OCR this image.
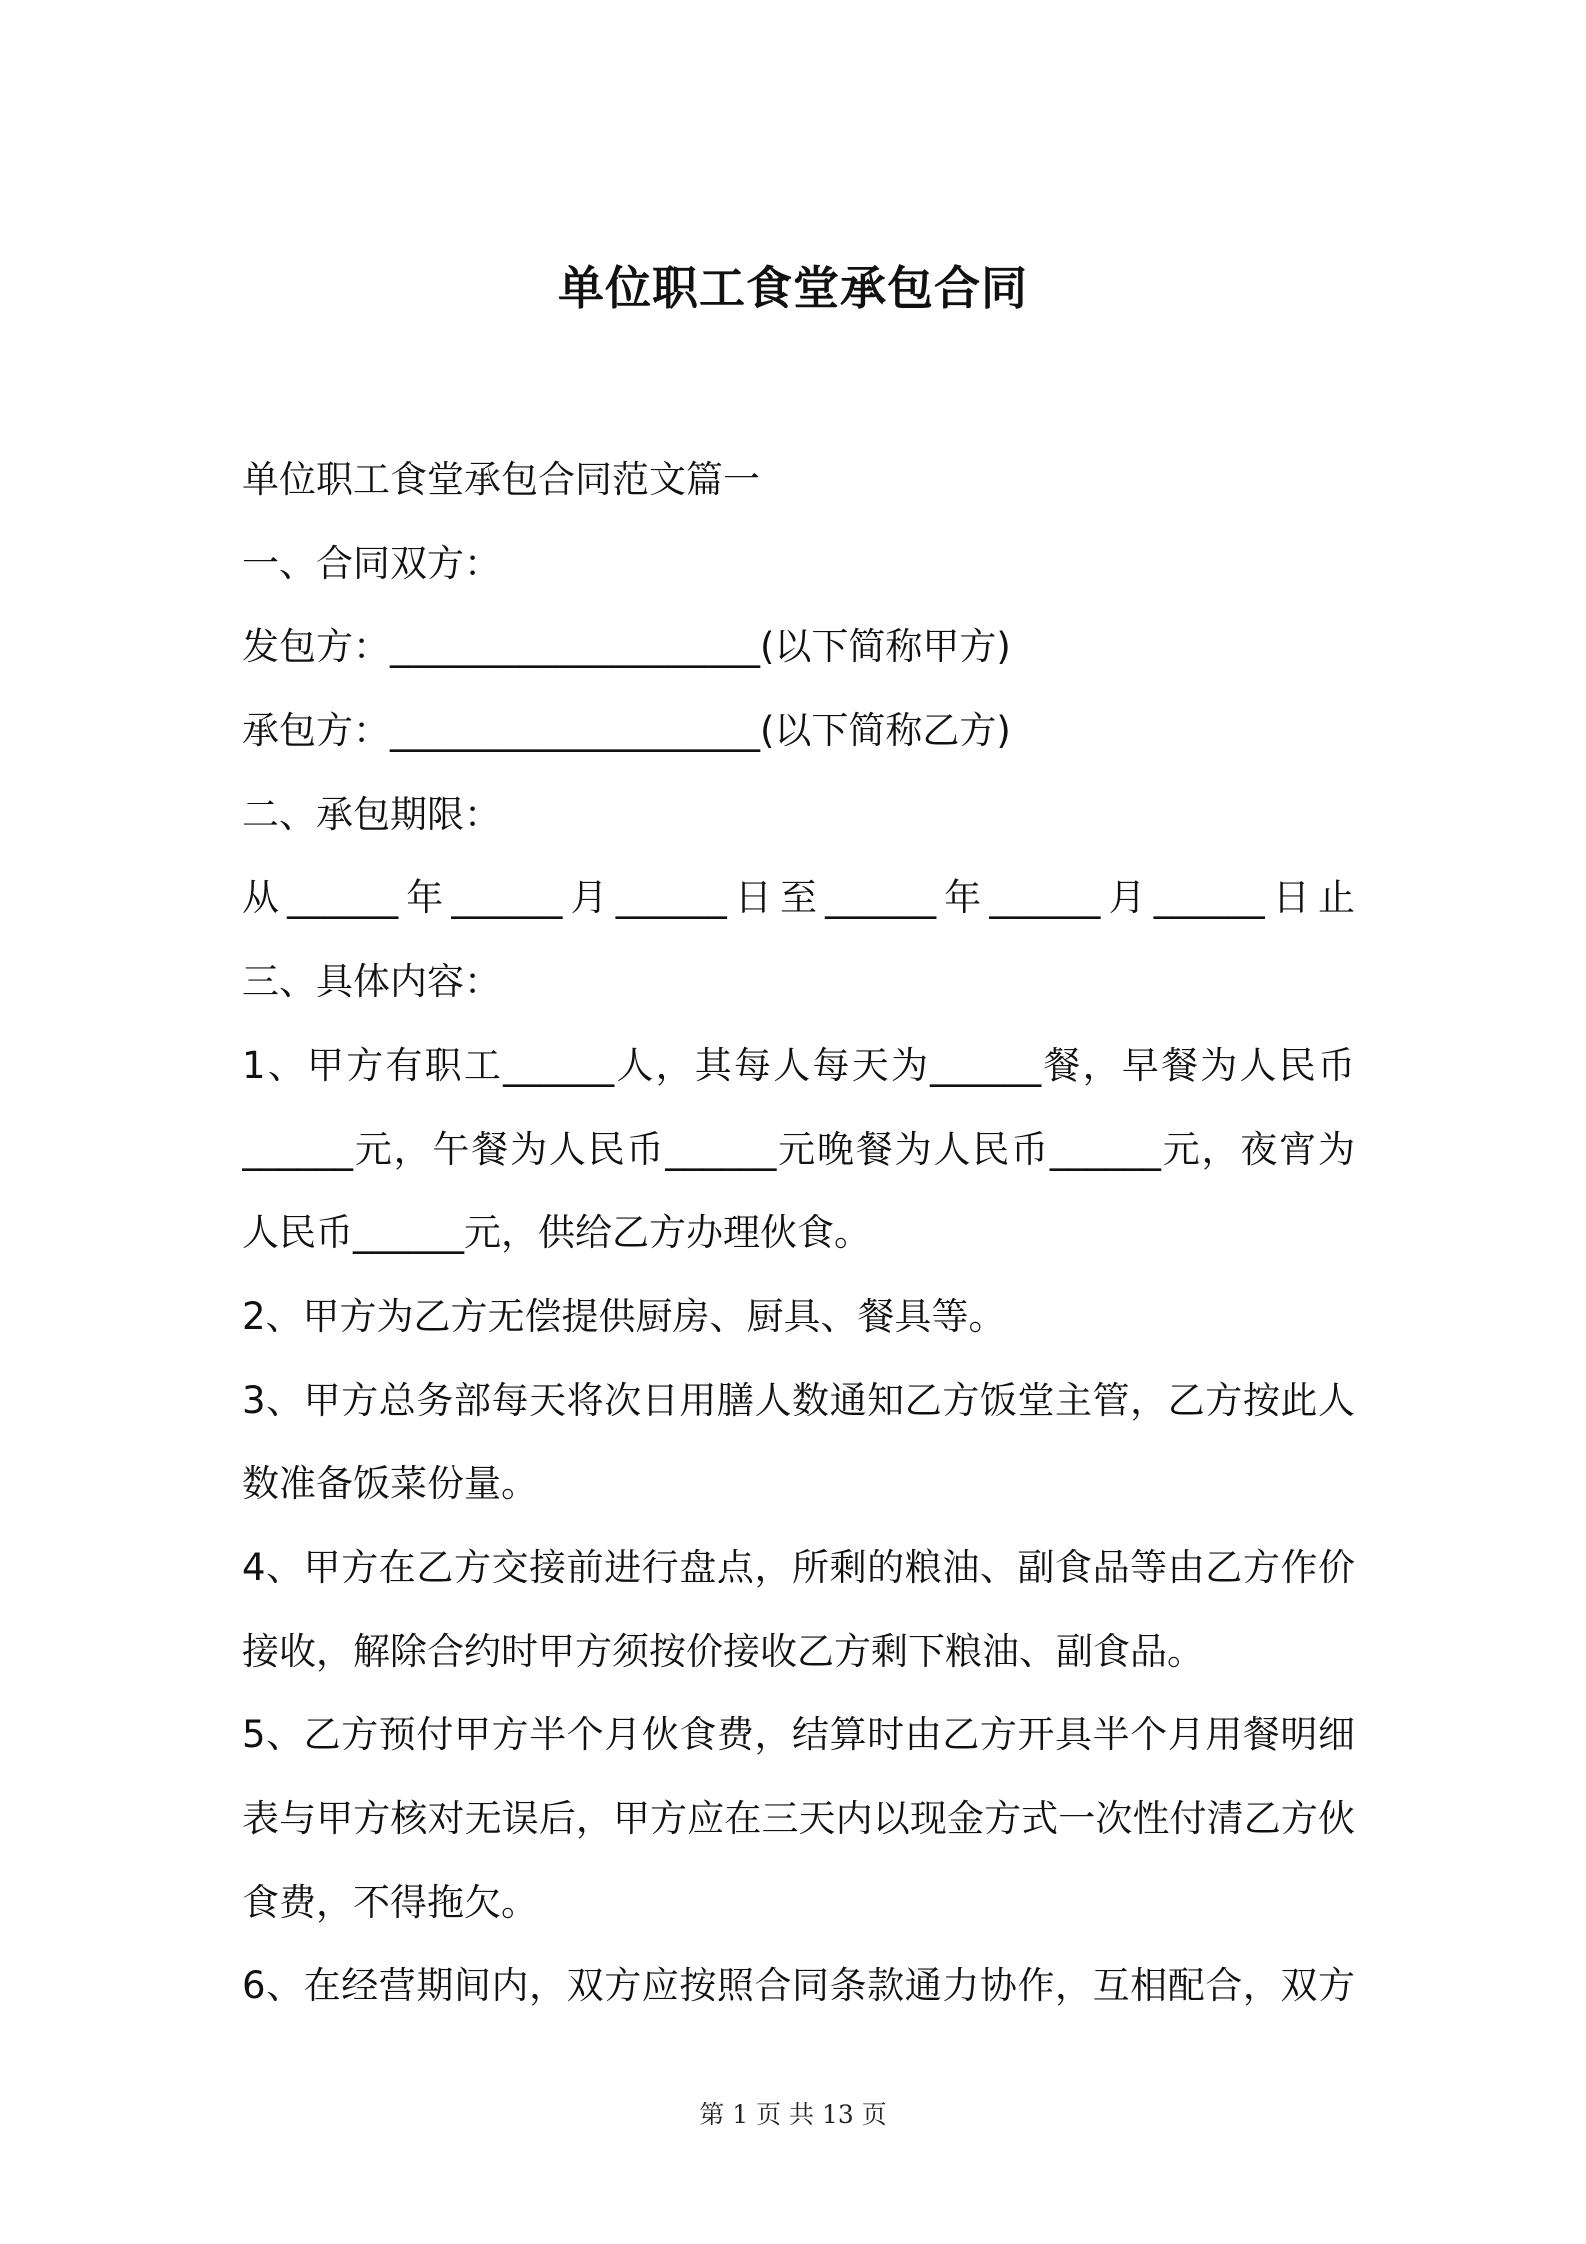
单位职工食堂承包合同
单位职工食堂承包合同范文篇一
一、合同双方：
发包方：____________________(以下简称甲方)
承包方：____________________(以下简称乙方)
二、承包期限：
从______年______月______日至______年______月______日止
三、具体内容：
1、甲方有职工______人，其每人每天为______餐，早餐为人民币
______元，午餐为人民币______元晚餐为人民币______元，夜宵为
人民币______元，供给乙方办理伙食。
2、甲方为乙方无偿提供厨房、厨具、餐具等。
3、甲方总务部每天将次日用膳人数通知乙方饭堂主管，乙方按此人
数准备饭菜份量。
4、甲方在乙方交接前进行盘点，所剩的粮油、副食品等由乙方作价
接收，解除合约时甲方须按价接收乙方剩下粮油、副食品。
5、乙方预付甲方半个月伙食费，结算时由乙方开具半个月用餐明细
表与甲方核对无误后，甲方应在三天内以现金方式一次性付清乙方伙
食费，不得拖欠。
6、在经营期间内，双方应按照合同条款通力协作，互相配合，双方
第 1 页 共 13 页
